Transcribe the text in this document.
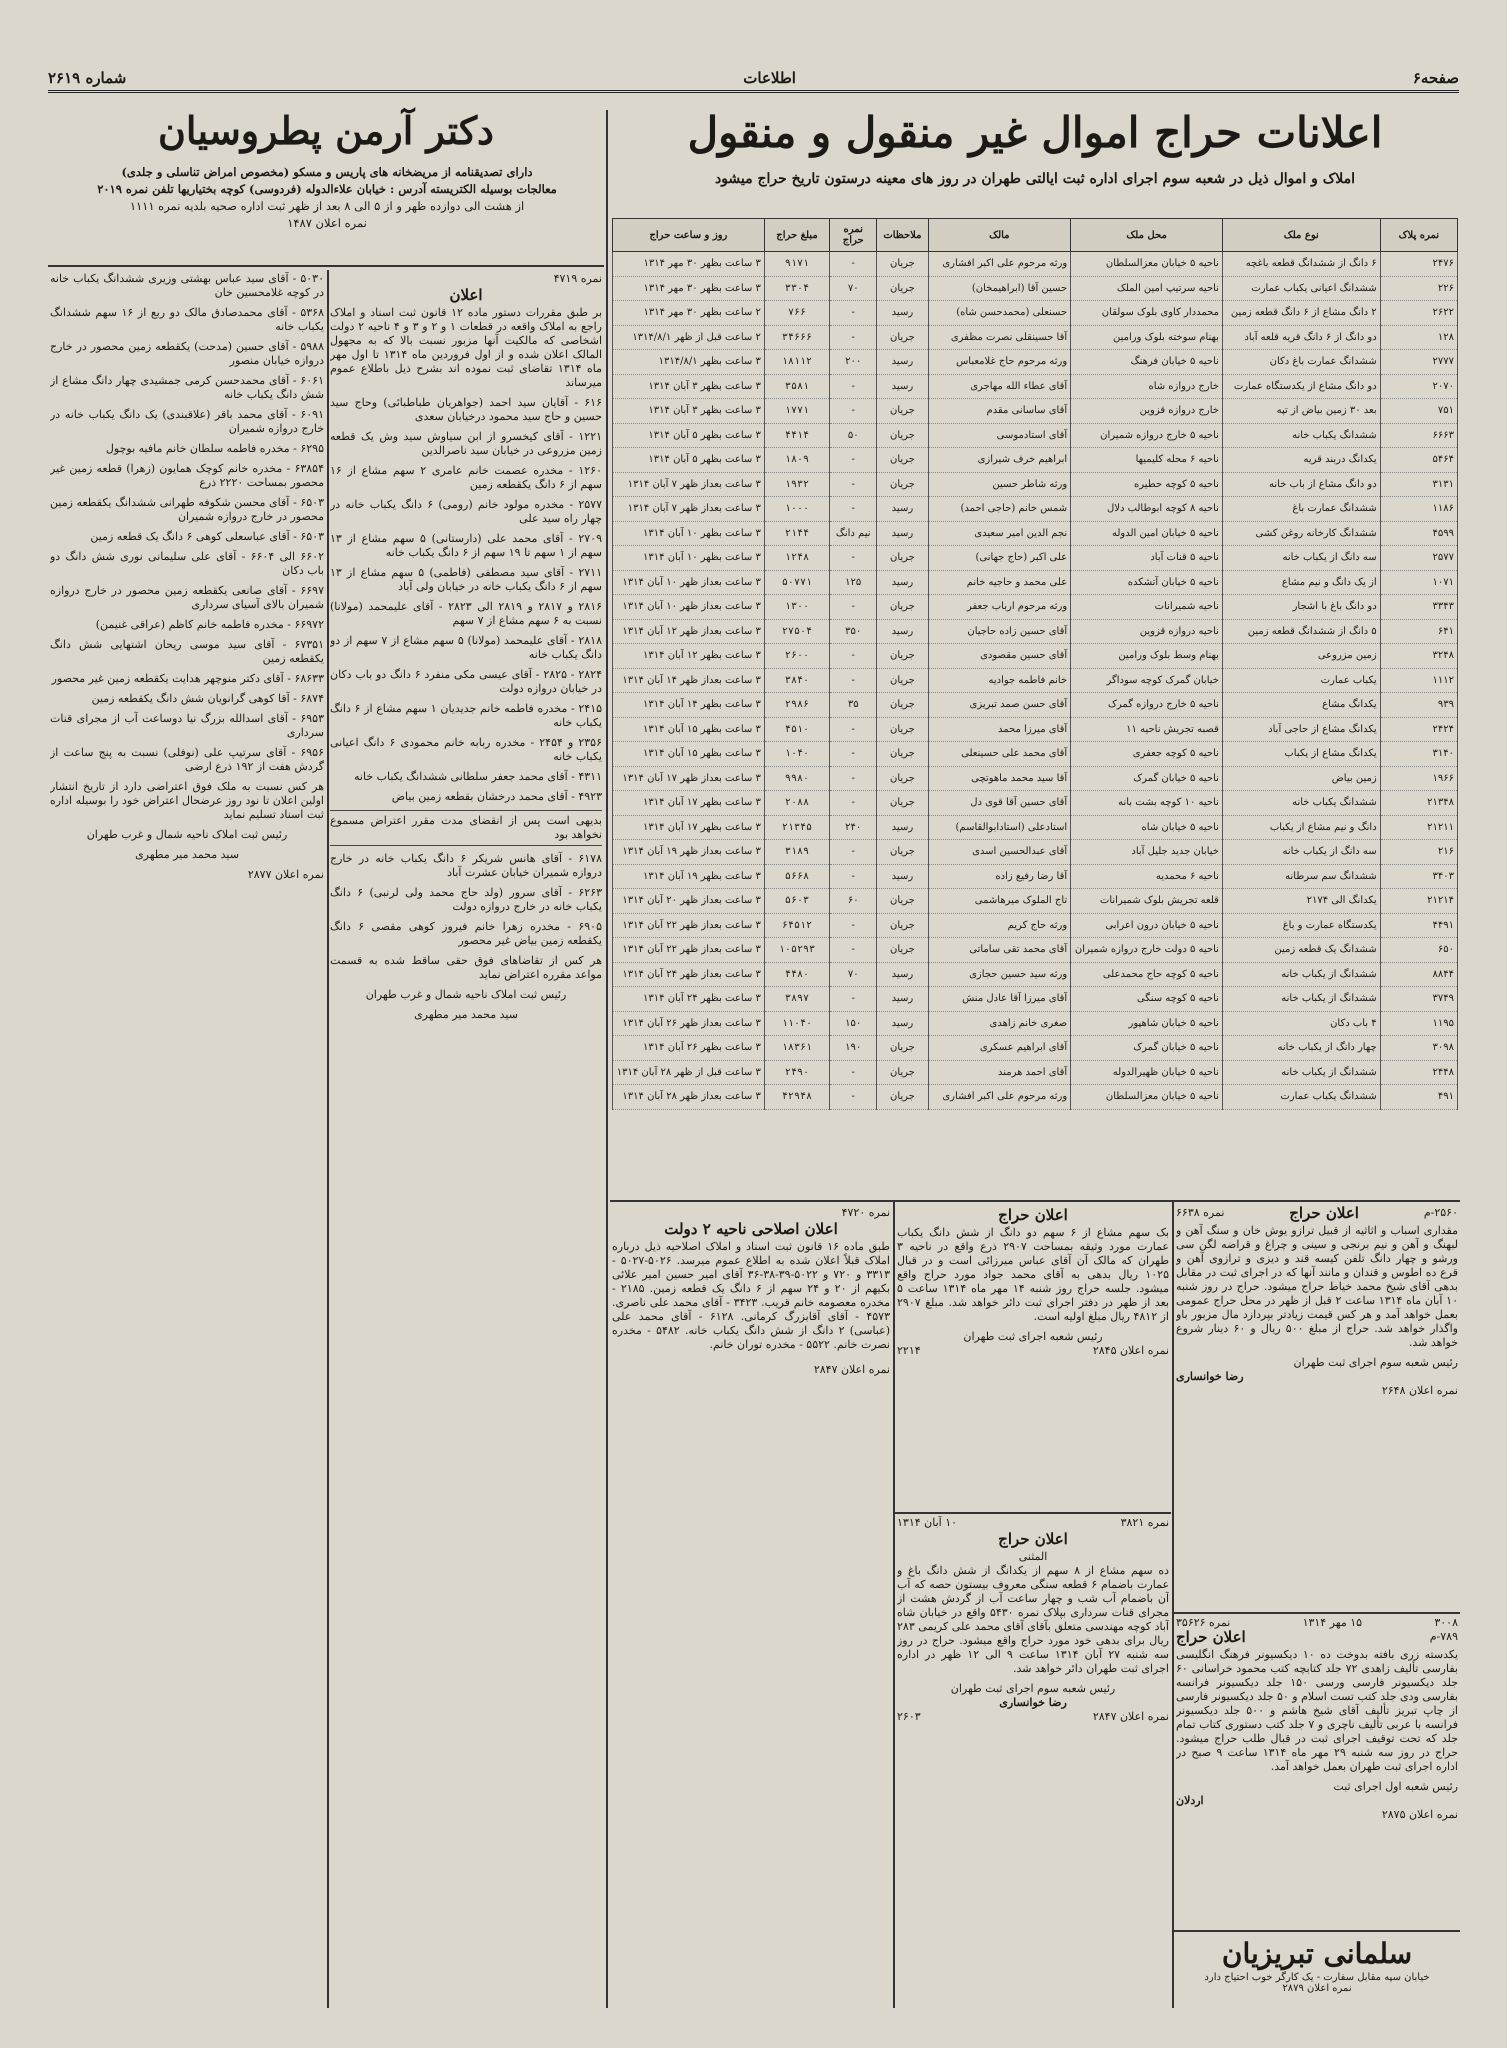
شماره ۲۶۱۹	اطلاعات	صفحه۶
اعلانات حراج اموال غیر منقول و منقول
املاک و اموال ذیل در شعبه سوم اجرای اداره ثبت ایالتی طهران در روز های معینه درستون تاریخ حراج میشود
دکتر آرمن پطروسیان
دارای تصدیقنامه از مریضخانه های پاریس و مسکو (مخصوص امراض تناسلی و جلدی)
معالجات بوسیله الکتریسته آدرس : خیابان علاءالدوله (فردوسی) کوچه بختیاریها تلفن نمره ۲۰۱۹
از هشت الی دوازده ظهر و از ۵ الی ۸ بعد از ظهر ثبت اداره صحیه بلدیه نمره ۱۱۱۱
نمره اعلان ۱۴۸۷
نمره پلاک	نوع ملک	محل ملک	مالک	ملاحظات	نمره حراج	مبلغ حراج	روز و ساعت حراج
۲۴۷۶	۶ دانگ از ششدانگ قطعه باغچه	ناحیه ۵ خیابان معزالسلطان	ورثه مرحوم علی اکبر افشاری	جریان	-	۹۱۷۱	۳ ساعت بظهر ۳۰ مهر ۱۳۱۴
۲۲۶	ششدانگ اعیانی یکباب عمارت	ناحیه سرتیپ امین الملک	حسین آقا (ابراهیمخان)	جریان	۷۰	۳۳۰۴	۳ ساعت بظهر ۳۰ مهر ۱۳۱۴
۲۶۲۲	۲ دانگ مشاع از ۶ دانگ قطعه زمین	محمددار کاوی بلوک سولقان	حسنعلی (محمدحسن شاه)	رسید	-	۷۶۶	۲ ساعت بظهر ۳۰ مهر ۱۳۱۴
۱۲۸	دو دانگ از ۶ دانگ قریه قلعه آباد	بهنام سوخته بلوک ورامین	آقا حسینقلی نصرت مظفری	جریان	-	۳۴۶۶۶	۲ ساعت قبل از ظهر ۱۳۱۴/۸/۱
۲۷۷۷	ششدانگ عمارت باغ دکان	ناحیه ۵ خیابان فرهنگ	ورثه مرحوم حاج غلامعباس	رسید	۲۰۰	۱۸۱۱۲	۳ ساعت بظهر ۱۳۱۴/۸/۱
۲۰۷۰	دو دانگ مشاع از یکدستگاه عمارت	خارج دروازه شاه	آقای عطاء الله مهاجری	رسید	-	۳۵۸۱	۳ ساعت بظهر ۳ آبان ۱۳۱۴
۷۵۱	بعد ۳۰ زمین بیاض از تپه	خارج دروازه قزوین	آقای ساسانی مقدم	جریان	-	۱۷۷۱	۳ ساعت بظهر ۳ آبان ۱۳۱۴
۶۶۶۳	ششدانگ یکباب خانه	ناحیه ۵ خارج دروازه شمیران	آقای استادموسی	جریان	۵۰	۴۴۱۴	۳ ساعت بظهر ۵ آبان ۱۳۱۴
۵۴۶۴	یکدانگ دربند قریه	ناحیه ۶ محله کلیمیها	ابراهیم خرف شیرازی	جریان	-	۱۸۰۹	۳ ساعت بظهر ۵ آبان ۱۳۱۴
۳۱۳۱	دو دانگ مشاع از باب خانه	ناحیه ۵ کوچه حطیره	ورثه شاطر حسین	جریان	-	۱۹۳۲	۳ ساعت بعداز ظهر ۷ آبان ۱۳۱۴
۱۱۸۶	ششدانگ عمارت باغ	ناحیه ۸ کوچه ابوطالب دلال	شمس خانم (حاجی احمد)	رسید	-	۱۰۰۰	۳ ساعت بعداز ظهر ۷ آبان ۱۳۱۴
۴۵۹۹	ششدانگ کارخانه روغن کشی	ناحیه ۵ خیابان امین الدوله	نجم الدین امیر سعیدی	رسید	نیم دانگ	۲۱۴۴	۳ ساعت بظهر ۱۰ آبان ۱۳۱۴
۲۵۷۷	سه دانگ از یکباب خانه	ناحیه ۵ قنات آباد	علی اکبر (حاج جهانی)	جریان	-	۱۲۴۸	۳ ساعت بظهر ۱۰ آبان ۱۳۱۴
۱۰۷۱	از یک دانگ و نیم مشاع	ناحیه ۵ خیابان آتشکده	علی محمد و حاجیه خانم	رسید	۱۲۵	۵۰۷۷۱	۳ ساعت بعداز ظهر ۱۰ آبان ۱۳۱۴
۳۳۴۳	دو دانگ باغ با اشجار	ناحیه شمیرانات	ورثه مرحوم ارباب جعفر	جریان	-	۱۳۰۰	۳ ساعت بعداز ظهر ۱۰ آبان ۱۳۱۴
۶۴۱	۵ دانگ از ششدانگ قطعه زمین	ناحیه دروازه قزوین	آقای حسین زاده حاجیان	رسید	۳۵۰	۲۷۵۰۴	۳ ساعت بعداز ظهر ۱۲ آبان ۱۳۱۴
۳۲۴۸	زمین مزروعی	بهنام وسط بلوک ورامین	آقای حسین مقصودی	جریان	-	۲۶۰۰	۳ ساعت بظهر ۱۲ آبان ۱۳۱۴
۱۱۱۲	یکباب عمارت	خیابان گمرک کوچه سوداگر	خانم فاطمه جوادیه	جریان	-	۳۸۴۰	۳ ساعت بعداز ظهر ۱۴ آبان ۱۳۱۴
۹۳۹	یکدانگ مشاع	ناحیه ۵ خارج دروازه گمرک	آقای حسن صمد تبریزی	جریان	۳۵	۲۹۸۶	۳ ساعت بظهر ۱۴ آبان ۱۳۱۴
۲۴۲۴	یکدانگ مشاع از حاجی آباد	قصبه تجریش ناحیه ۱۱	آقای میرزا محمد	جریان	-	۴۵۱۰	۳ ساعت بظهر ۱۵ آبان ۱۳۱۴
۳۱۴۰	یکدانگ مشاع از یکباب	ناحیه ۵ کوچه جعفری	آقای محمد علی حسینعلی	جریان	-	۱۰۴۰	۳ ساعت بظهر ۱۵ آبان ۱۳۱۴
۱۹۶۶	زمین بیاض	ناحیه ۵ خیابان گمرک	آقا سید محمد ماهوتچی	جریان	-	۹۹۸۰	۳ ساعت بعداز ظهر ۱۷ آبان ۱۳۱۴
۲۱۳۴۸	ششدانگ یکباب خانه	ناحیه ۱۰ کوچه بشت بانه	آقای حسین آقا قوی دل	جریان	-	۲۰۸۸	۳ ساعت بظهر ۱۷ آبان ۱۳۱۴
۲۱۲۱۱	دانگ و نیم مشاع از یکباب	ناحیه ۵ خیابان شاه	استادعلی (استادابوالقاسم)	رسید	۲۴۰	۲۱۳۴۵	۳ ساعت بظهر ۱۷ آبان ۱۳۱۴
۲۱۶	سه دانگ از یکباب خانه	خیابان جدید جلیل آباد	آقای عبدالحسین اسدی	جریان	-	۳۱۸۹	۳ ساعت بعداز ظهر ۱۹ آبان ۱۳۱۴
۳۴۰۳	ششدانگ سم سرطانه	ناحیه ۶ محمدیه	آقا رضا رفیع زاده	رسید	-	۵۶۶۸	۳ ساعت بظهر ۱۹ آبان ۱۳۱۴
۲۱۲۱۴	یکدانگ الی ۲۱۷۴	قلعه تجریش بلوک شمیرانات	تاج الملوک میرهاشمی	جریان	۶۰	۵۶۰۳	۳ ساعت بعداز ظهر ۲۰ آبان ۱۳۱۴
۴۴۹۱	یکدستگاه عمارت و باغ	ناحیه ۵ خیابان درون اعرابی	ورثه حاج کریم	جریان	-	۶۴۵۱۲	۳ ساعت بعداز ظهر ۲۲ آبان ۱۳۱۴
۶۵۰	ششدانگ یک قطعه زمین	ناحیه ۵ دولت خارج دروازه شمیران	آقای محمد تقی ساماتی	جریان	-	۱۰۵۲۹۳	۳ ساعت بعداز ظهر ۲۲ آبان ۱۳۱۴
۸۸۴۴	ششدانگ از یکباب خانه	ناحیه ۵ کوچه حاج محمدعلی	ورثه سید حسین حجازی	رسید	۷۰	۴۴۸۰	۳ ساعت بعداز ظهر ۲۴ آبان ۱۳۱۴
۳۷۴۹	ششدانگ از یکباب خانه	ناحیه ۵ کوچه سنگی	آقای میرزا آقا عادل منش	رسید	-	۳۸۹۷	۳ ساعت بظهر ۲۴ آبان ۱۳۱۴
۱۱۹۵	۴ باب دکان	ناحیه ۵ خیابان شاهپور	صغری خانم زاهدی	رسید	۱۵۰	۱۱۰۴۰	۳ ساعت بعداز ظهر ۲۶ آبان ۱۳۱۴
۳۰۹۸	چهار دانگ از یکباب خانه	ناحیه ۵ خیابان گمرک	آقای ابراهیم عسکری	جریان	۱۹۰	۱۸۳۶۱	۳ ساعت بظهر ۲۶ آبان ۱۳۱۴
۲۴۴۸	ششدانگ از یکباب خانه	ناحیه ۵ خیابان ظهیرالدوله	آقای احمد هرمند	جریان	-	۲۴۹۰	۳ ساعت قبل از ظهر ۲۸ آبان ۱۳۱۴
۴۹۱	ششدانگ یکباب عمارت	ناحیه ۵ خیابان معزالسلطان	ورثه مرحوم علی اکبر افشاری	جریان	-	۴۲۹۴۸	۳ ساعت بعداز ظهر ۲۸ آبان ۱۳۱۴
نمره ۴۷۱۹
اعلان

بر طبق مقررات دستور ماده ۱۲ قانون ثبت اسناد و املاک راجع به املاک واقعه در قطعات ۱ و ۲ و ۳ و ۴ ناحیه ۲ دولت اشخاصی که مالکیت آنها مزبور نسبت بالا که به مجهول المالک اعلان شده و از اول فروردین ماه ۱۳۱۴ تا اول مهر ماه ۱۳۱۴ تقاضای ثبت نموده اند بشرح ذیل باطلاع عموم میرساند

۶۱۶ - آقایان سید احمد (جواهریان طباطبائی) وحاج سید حسین و حاج سید محمود درخیابان سعدی

۱۲۲۱ - آقای کیخسرو از ابن سیاوش سید وش یک قطعه زمین مزروعی در خیابان سید ناصرالدین

۱۲۶۰ - مخدره عصمت خانم عامری ۲ سهم مشاع از ۱۶ سهم از ۶ دانگ یکقطعه زمین

۲۵۷۷ - مخدره مولود خانم (رومی) ۶ دانگ یکباب خانه در چهار راه سید علی

۲۷۰۹ - آقای محمد علی (دارستانی) ۵ سهم مشاع از ۱۳ سهم از ۱ سهم تا ۱۹ سهم از ۶ دانگ یکباب خانه

۲۷۱۱ - آقای سید مصطفی (فاطمی) ۵ سهم مشاع از ۱۳ سهم از ۶ دانگ یکباب خانه در خیابان ولی آباد

۲۸۱۶ و ۲۸۱۷ و ۲۸۱۹ الی ۲۸۲۳ - آقای علیمحمد (مولانا) نسبت به ۶ سهم مشاع از ۷ سهم

۲۸۱۸ - آقای علیمحمد (مولانا) ۵ سهم مشاع از ۷ سهم از دو دانگ یکباب خانه

۲۸۲۴ - ۲۸۲۵ - آقای عیسی مکی منفرد ۶ دانگ دو باب دکان در خیابان دروازه دولت

۲۴۱۵ - مخدره فاطمه خانم جدیدیان ۱ سهم مشاع از ۶ دانگ یکباب خانه

۲۳۵۶ و ۲۴۵۴ - مخدره ربابه خانم محمودی ۶ دانگ اعیانی یکباب خانه

۴۳۱۱ - آقای محمد جعفر سلطانی ششدانگ یکباب خانه

۴۹۲۳ - آقای محمد درخشان بقطعه زمین بیاض

بدیهی است پس از انقضای مدت مقرر اعتراض مسموع نخواهد بود

۶۱۷۸ - آقای هانس شریکر ۶ دانگ یکباب خانه در خارج دروازه شمیران خیابان عشرت آباد

۶۲۶۳ - آقای سرور (ولد حاج محمد ولی لرنبی) ۶ دانگ یکباب خانه در خارج دروازه دولت

۶۹۰۵ - مخدره زهرا خانم فیروز کوهی مقصی ۶ دانگ یکقطعه زمین بیاض غیر محصور

هر کس از تقاضاهای فوق حقی ساقط شده به قسمت مواعد مقرره اعتراض نماید

رئیس ثبت املاک ناحیه شمال و غرب طهران

سید محمد میر مطهری

۵۰۳۰ - آقای سید عباس بهشتی وزیری ششدانگ یکباب خانه در کوچه غلامحسین خان

۵۳۶۸ - آقای محمدصادق مالک دو ربع از ۱۶ سهم ششدانگ یکباب خانه

۵۹۸۸ - آقای حسین (مدحت) یکقطعه زمین محصور در خارج دروازه خیابان منصور

۶۰۶۱ - آقای محمدحسن کرمی جمشیدی چهار دانگ مشاع از شش دانگ یکباب خانه

۶۰۹۱ - آقای محمد باقر (علاقبندی) یک دانگ یکباب خانه در خارج دروازه شمیران

۶۲۹۵ - مخدره فاطمه سلطان خانم مافیه بوچول

۶۳۸۵۴ - مخدره خانم کوچک همایون (زهرا) قطعه زمین غیر محصور بمساحت ۲۲۲۰ ذرع

۶۵۰۳ - آقای محسن شکوفه طهرانی ششدانگ یکقطعه زمین محصور در خارج دروازه شمیران

۶۵۰۳ - آقای عباسعلی کوهی ۶ دانگ یک قطعه زمین

۶۶۰۲ الی ۶۶۰۴ - آقای علی سلیمانی نوری شش دانگ دو باب دکان

۶۶۹۷ - آقای صانعی یکقطعه زمین محصور در خارج دروازه شمیران بالای آسیای سرداری

۶۶۹۷۲ - مخدره فاطمه خانم کاظم (عراقی غنیمن)

۶۷۳۵۱ - آقای سید موسی ریحان اشتهایی شش دانگ یکقطعه زمین

۶۸۶۳۳ - آقای دکتر منوچهر هدایت یکقطعه زمین غیر محصور

۶۸۷۴ - آقا کوهی گرانویان شش دانگ یکقطعه زمین

۶۹۵۳ - آقای اسدالله بزرگ نیا دوساعت آب از مجرای قنات سرداری

۶۹۵۶ - آقای سرتیپ علی (نوفلی) نسبت به پنج ساعت از گردش هفت از ۱۹۲ ذرع ارضی

هر کس نسبت به ملک فوق اعتراضی دارد از تاریخ انتشار اولین اعلان تا نود روز عرضحال اعتراض خود را بوسیله اداره ثبت اسناد تسلیم نماید

رئیس ثبت املاک ناحیه شمال و غرب طهران

سید محمد میر مطهری

نمره اعلان ۲۸۷۷

نمره ۴۷۲۰
اعلان اصلاحی ناحیه ۲ دولت

طبق ماده ۱۶ قانون ثبت اسناد و املاک اصلاحیه ذیل درباره املاک قبلاً اعلان شده به اطلاع عموم میرسد. ۵۰۲۶-۵۰۲۷ - ۳۳۱۳ و ۷۲۰ و ۵۰۲۲-۳۹-۳۸-۳۶ آقای امیر حسین امیر علائی بکیهم از ۲۰ و ۲۴ سهم از ۶ دانگ یک قطعه زمین. ۲۱۸۵ - مخدره معصومه خانم قریب. ۳۴۲۳ - آقای محمد علی ناصری. ۴۵۷۳ - آقای آقابزرگ کرمانی. ۶۱۲۸ - آقای محمد علی (عباسی) ۲ دانگ از شش دانگ یکباب خانه. ۵۴۸۲ - مخدره نصرت خانم. ۵۵۲۲ - مخدره توران خانم.

نمره اعلان ۲۸۴۷

اعلان حراج

بک سهم مشاع از ۶ سهم دو دانگ از شش دانگ یکباب عمارت مورد وثیقه بمساحت ۲۹۰۷ ذرع واقع در ناحیه ۳ طهران که مالک آن آقای عباس میرزائی است و در قبال ۱۰۲۵ ریال بدهی به آقای محمد جواد مورد حراج واقع میشود. جلسه حراج روز شنبه ۱۴ مهر ماه ۱۳۱۴ ساعت ۵ بعد از ظهر در دفتر اجرای ثبت دائر خواهد شد. مبلغ ۲۹۰۷ از ۴۸۱۲ ریال مبلغ اولیه است.

رئیس شعبه اجرای ثبت طهران
نمره اعلان ۲۸۴۵
۲۲۱۴
نمره ۳۸۲۱
۱۰ آبان ۱۳۱۴
اعلان حراج
المثنی

ده سهم مشاع از ۸ سهم از یکدانگ از شش دانگ باغ و عمارت باضمام ۶ قطعه سنگی معروف بیستون حصه که آب آن باضمام آب شب و چهار ساعت آب از گردش هشت از مجرای قنات سرداری بپلاک نمره ۵۴۳۰ واقع در خیابان شاه آباد کوچه مهندسی متعلق بآقای آقای محمد علی کریمی ۲۸۳ ریال برای بدهی خود مورد حراج واقع میشود. حراج در روز سه شنبه ۲۷ آبان ۱۳۱۴ ساعت ۹ الی ۱۲ ظهر در اداره اجرای ثبت طهران دائر خواهد شد.

رئیس شعبه سوم اجرای ثبت طهران
رضا خوانساری
نمره اعلان ۲۸۴۷
۲۶۰۳
۲۵۶۰-م
اعلان حراج
نمره ۶۶۳۸

مقداری اسباب و اثاثیه از قبیل ترازو یوش خان و سنگ آهن و لبهنگ و آهن و نیم برنجی و سینی و چراغ و قراضه لگن سی ورشو و چهار دانگ تلفن کیسه قند و دیزی و ترازوی آهن و قرع ده اطوس و قندان و مانند آنها که در اجرای ثبت در مقابل بدهی آقای شیخ محمد خیاط حراج میشود. حراج در روز شنبه ۱۰ آبان ماه ۱۳۱۴ ساعت ۲ قبل از ظهر در محل حراج عمومی بعمل خواهد آمد و هر کس قیمت زیادتر بپردازد مال مزبور باو واگذار خواهد شد. حراج از مبلغ ۵۰۰ ریال و ۶۰ دینار شروع خواهد شد.

رئیس شعبه سوم اجرای ثبت طهران
رضا خوانساری
نمره اعلان ۲۶۴۸
۳۰۰۸
۱۵ مهر ۱۳۱۴
نمره ۳۵۶۲۶
۷۸۹-م
اعلان حراج

یکدسته زری بافته بدوخت ده ۱۰ دیکسیونر فرهنگ انگلیسی بفارسی تألیف زاهدی ۷۲ جلد کتابچه کتب محمود خراسانی ۶۰ جلد دیکسیونر فارسی ورسی ۱۵۰ جلد دیکسیونر فرانسه بفارسی ودی جلد کتب تست اسلام و ۵۰ جلد دیکسیونر فارسی از چاپ تبریز تألیف آقای شیخ هاشم و ۵۰۰ جلد دیکسیونر فرانسه با عربی تألیف ناچری و ۷ جلد کتب دستوری کتاب تمام جلد که تحت توقیف اجرای ثبت در قبال طلب حراج میشود. حراج در روز سه شنبه ۲۹ مهر ماه ۱۳۱۴ ساعت ۹ صبح در اداره اجرای ثبت طهران بعمل خواهد آمد.

رئیس شعبه اول اجرای ثبت
اردلان
نمره اعلان ۲۸۷۵
سلمانی تبریزیان
خیابان سپه مقابل سفارت - یک کارگر خوب احتیاج دارد
نمره اعلان ۲۸۷۹
